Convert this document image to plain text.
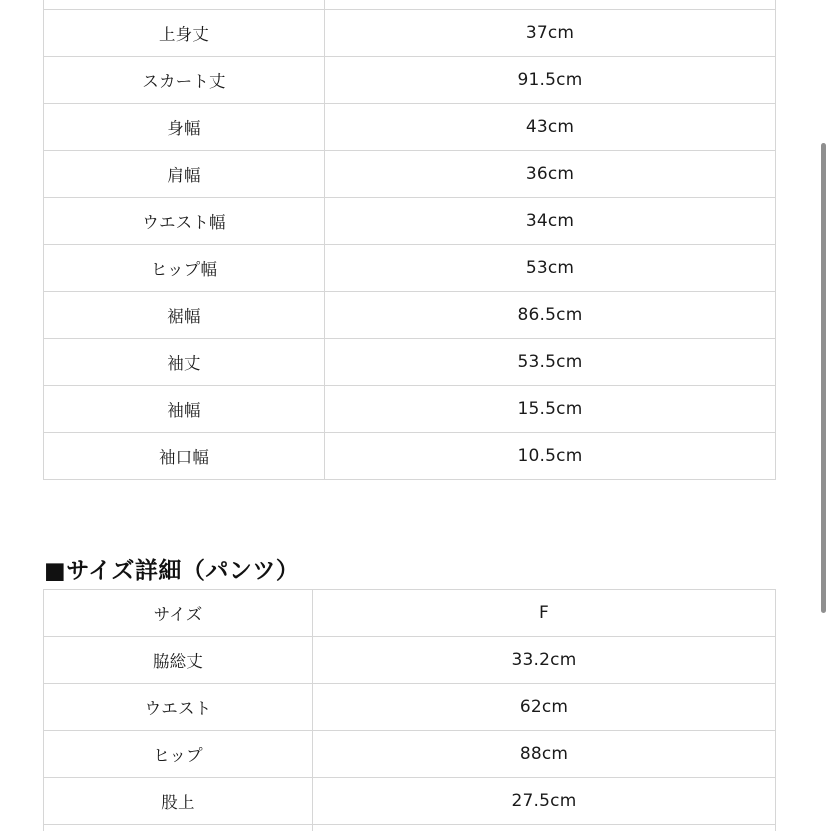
上身丈	37cm
スカート丈	91.5cm
身幅	43cm
肩幅	36cm
ウエスト幅	34cm
ヒップ幅	53cm
裾幅	86.5cm
袖丈	53.5cm
袖幅	15.5cm
袖口幅	10.5cm
■サイズ詳細（パンツ）
サイズ	F
脇総丈	33.2cm
ウエスト	62cm
ヒップ	88cm
股上	27.5cm
